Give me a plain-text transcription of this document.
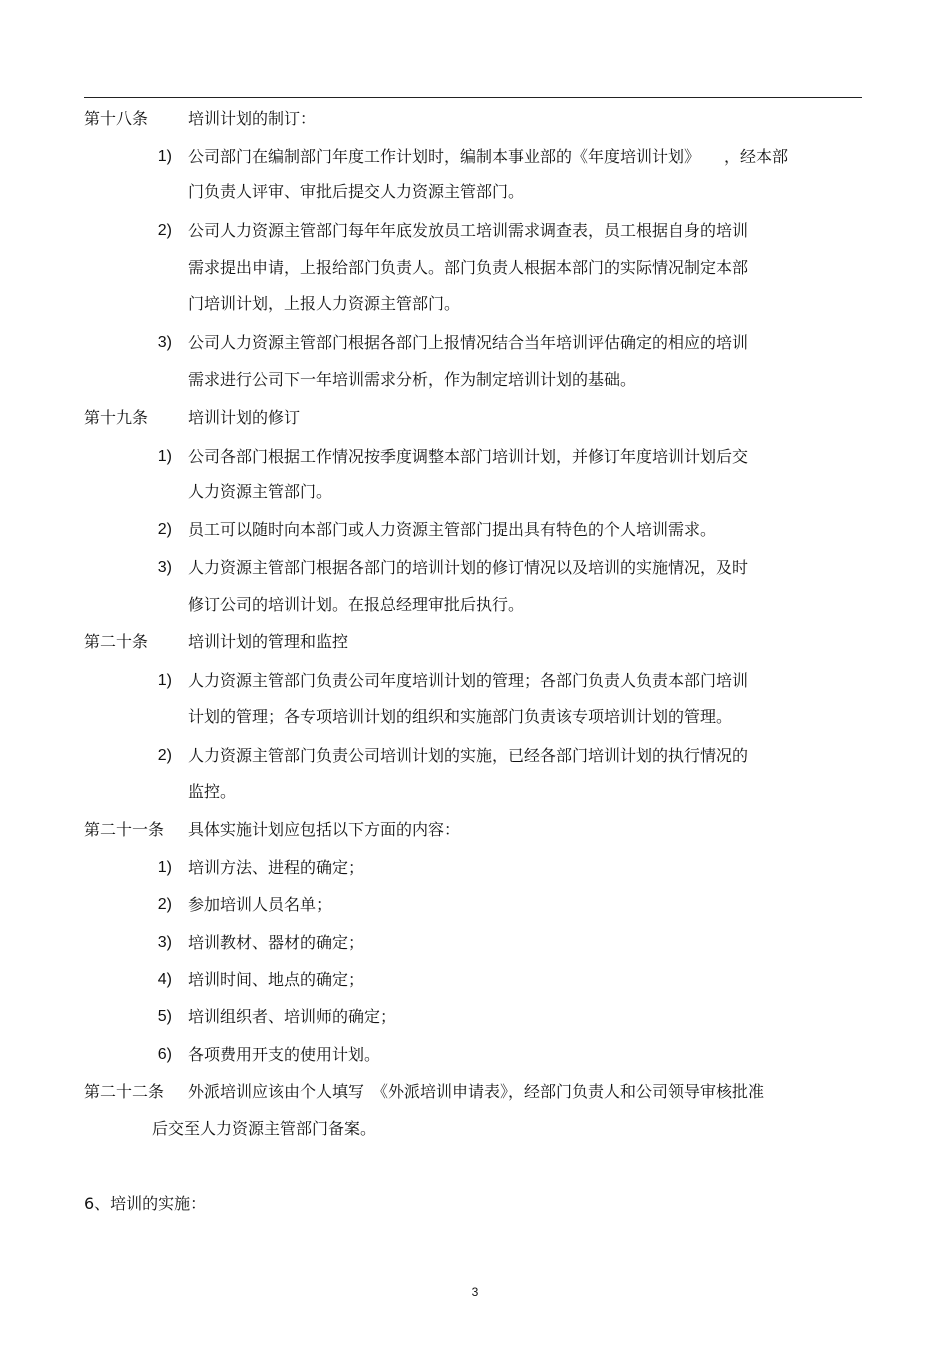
第十八条 培训计划的制订：
1) 公司部门在编制部门年度工作计划时，编制本事业部的《年度培训计划》　　，经本部
门负责人评审、审批后提交人力资源主管部门。
2) 公司人力资源主管部门每年年底发放员工培训需求调查表，员工根据自身的培训
需求提出申请，上报给部门负责人。部门负责人根据本部门的实际情况制定本部
门培训计划，上报人力资源主管部门。
3) 公司人力资源主管部门根据各部门上报情况结合当年培训评估确定的相应的培训
需求进行公司下一年培训需求分析，作为制定培训计划的基础。
第十九条 培训计划的修订
1) 公司各部门根据工作情况按季度调整本部门培训计划，并修订年度培训计划后交
人力资源主管部门。
2) 员工可以随时向本部门或人力资源主管部门提出具有特色的个人培训需求。
3) 人力资源主管部门根据各部门的培训计划的修订情况以及培训的实施情况，及时
修订公司的培训计划。在报总经理审批后执行。
第二十条 培训计划的管理和监控
1) 人力资源主管部门负责公司年度培训计划的管理；各部门负责人负责本部门培训
计划的管理；各专项培训计划的组织和实施部门负责该专项培训计划的管理。
2) 人力资源主管部门负责公司培训计划的实施，已经各部门培训计划的执行情况的
监控。
第二十一条 具体实施计划应包括以下方面的内容：
1) 培训方法、进程的确定；
2) 参加培训人员名单；
3) 培训教材、器材的确定；
4) 培训时间、地点的确定；
5) 培训组织者、培训师的确定；
6) 各项费用开支的使用计划。
第二十二条 外派培训应该由个人填写　《外派培训申请表》，经部门负责人和公司领导审核批准
后交至人力资源主管部门备案。
6、培训的实施：
3
